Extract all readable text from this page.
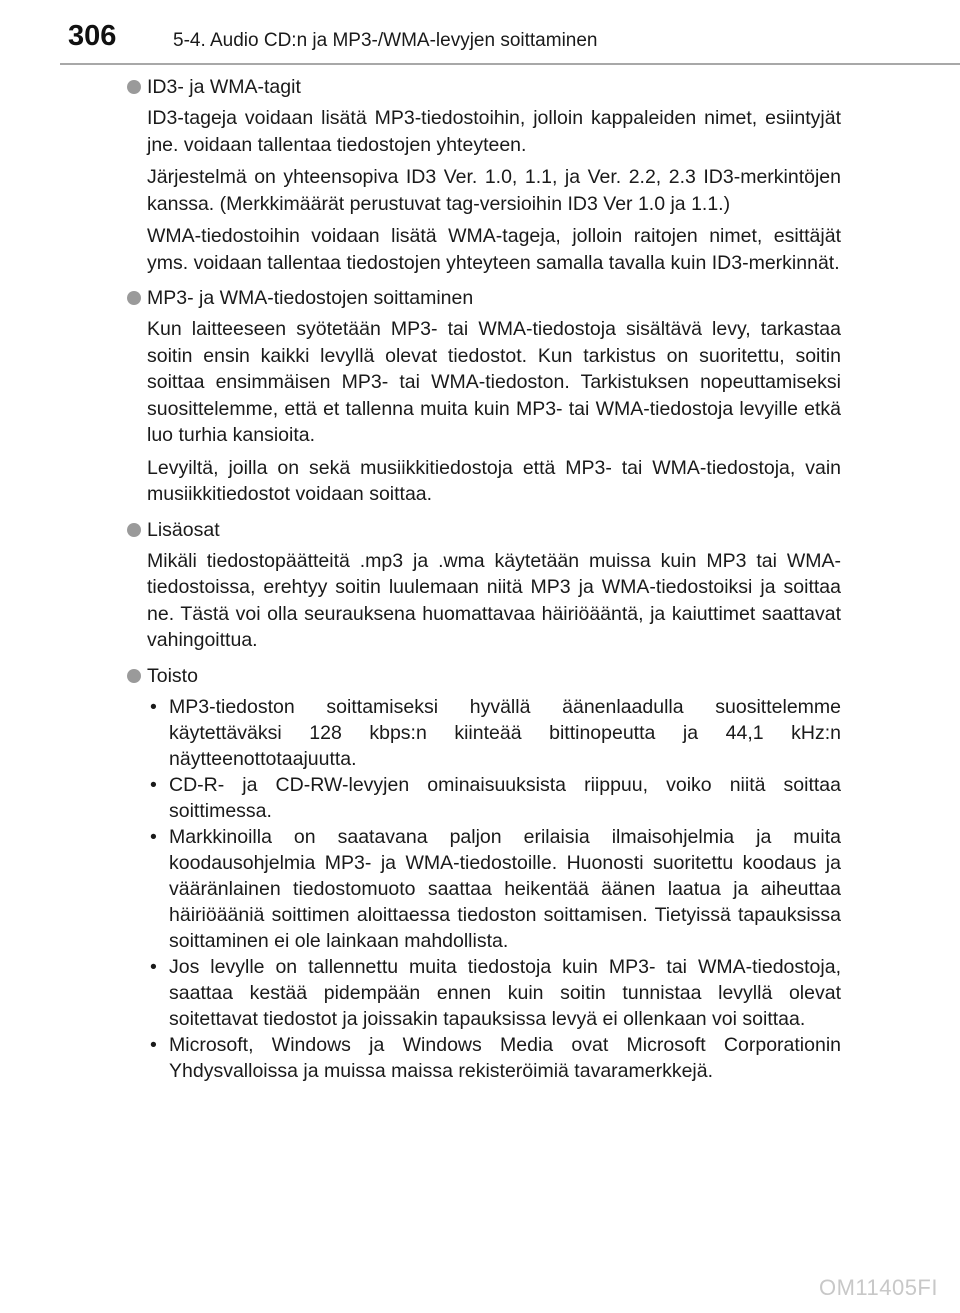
306	5-4. Audio CD:n ja MP3-/WMA-levyjen soittaminen
ID3- ja WMA-tagit

ID3-tageja voidaan lisätä MP3-tiedostoihin, jolloin kappaleiden nimet, esiintyjät jne. voidaan tallentaa tiedostojen yhteyteen.

Järjestelmä on yhteensopiva ID3 Ver. 1.0, 1.1, ja Ver. 2.2, 2.3 ID3-merkintöjen kanssa. (Merkkimäärät perustuvat tag-versioihin ID3 Ver 1.0 ja 1.1.)

WMA-tiedostoihin voidaan lisätä WMA-tageja, jolloin raitojen nimet, esittäjät yms. voidaan tallentaa tiedostojen yhteyteen samalla tavalla kuin ID3-merkinnät.

MP3- ja WMA-tiedostojen soittaminen

Kun laitteeseen syötetään MP3- tai WMA-tiedostoja sisältävä levy, tarkastaa soitin ensin kaikki levyllä olevat tiedostot. Kun tarkistus on suoritettu, soitin soittaa ensimmäisen MP3- tai WMA-tiedoston. Tarkistuksen nopeuttamiseksi suosittelemme, että et tallenna muita kuin MP3- tai WMA-tiedostoja levyille etkä luo turhia kansioita.

Levyiltä, joilla on sekä musiikkitiedostoja että MP3- tai WMA-tiedostoja, vain musiikkitiedostot voidaan soittaa.

Lisäosat

Mikäli tiedostopäätteitä .mp3 ja .wma käytetään muissa kuin MP3 tai WMA-tiedostoissa, erehtyy soitin luulemaan niitä MP3 ja WMA-tiedostoiksi ja soittaa ne. Tästä voi olla seurauksena huomattavaa häiriöääntä, ja kaiuttimet saattavat vahingoittua.

Toisto
• MP3-tiedoston soittamiseksi hyvällä äänenlaadulla suosittelemme käytettäväksi 128 kbps:n kiinteää bittinopeutta ja 44,1 kHz:n näytteenottotaajuutta.
• CD-R- ja CD-RW-levyjen ominaisuuksista riippuu, voiko niitä soittaa soittimessa.
• Markkinoilla on saatavana paljon erilaisia ilmaisohjelmia ja muita koodausohjelmia MP3- ja WMA-tiedostoille. Huonosti suoritettu koodaus ja vääränlainen tiedostomuoto saattaa heikentää äänen laatua ja aiheuttaa häiriöääniä soittimen aloittaessa tiedoston soittamisen. Tietyissä tapauksissa soittaminen ei ole lainkaan mahdollista.
• Jos levylle on tallennettu muita tiedostoja kuin MP3- tai WMA-tiedostoja, saattaa kestää pidempään ennen kuin soitin tunnistaa levyllä olevat soitettavat tiedostot ja joissakin tapauksissa levyä ei ollenkaan voi soittaa.
• Microsoft, Windows ja Windows Media ovat Microsoft Corporationin Yhdysvalloissa ja muissa maissa rekisteröimiä tavaramerkkejä.
OM11405FI
